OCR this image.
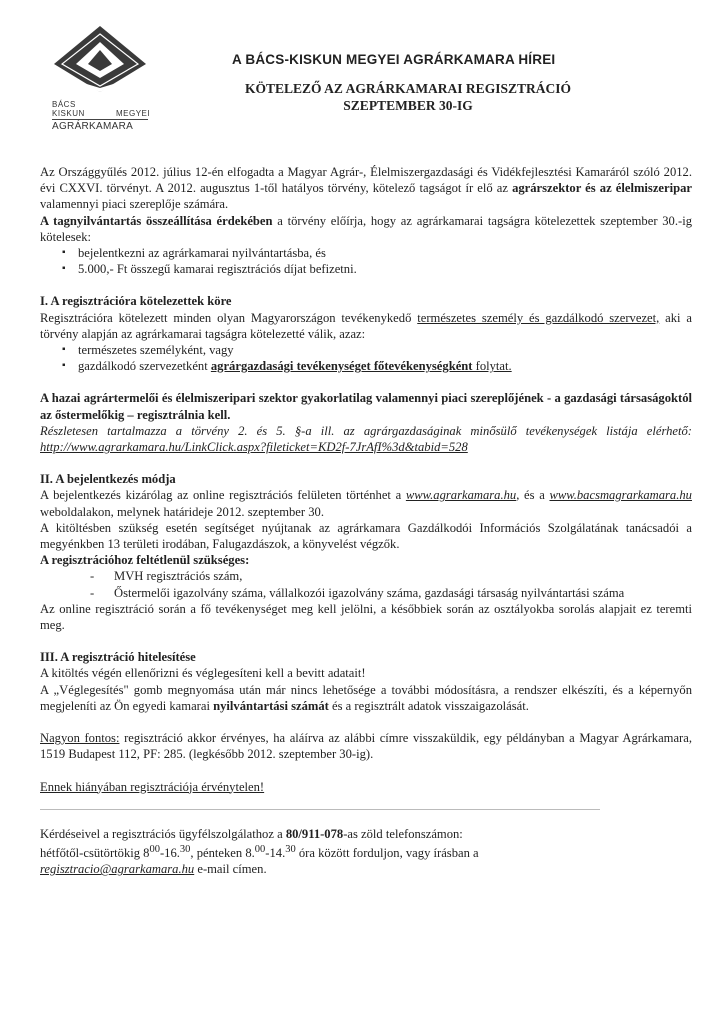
BÁCS
KISKUN	MEGYEI
AGRÁRKAMARA
A BÁCS-KISKUN MEGYEI AGRÁRKAMARA HÍREI
KÖTELEZŐ AZ AGRÁRKAMARAI REGISZTRÁCIÓ
SZEPTEMBER 30-IG

Az Országgyűlés 2012. július 12-én elfogadta a Magyar Agrár-, Élelmiszergazdasági és Vidékfejlesztési Kamaráról szóló 2012. évi CXXVI. törvényt. A 2012. augusztus 1-től hatályos törvény, kötelező tagságot ír elő az agrárszektor és az élelmiszeripar valamennyi piaci szereplője számára.

A tagnyilvántartás összeállítása érdekében a törvény előírja, hogy az agrárkamarai tagságra kötelezettek szeptember 30.-ig kötelesek:

▪ bejelentkezni az agrárkamarai nyilvántartásba, és
▪ 5.000,- Ft összegű kamarai regisztrációs díjat befizetni.

I. A regisztrációra kötelezettek köre

Regisztrációra kötelezett minden olyan Magyarországon tevékenykedő természetes személy és gazdálkodó szervezet, aki a törvény alapján az agrárkamarai tagságra kötelezetté válik, azaz:

▪ természetes személyként, vagy
▪ gazdálkodó szervezetként agrárgazdasági tevékenységet főtevékenységként folytat.

A hazai agrártermelői és élelmiszeripari szektor gyakorlatilag valamennyi piaci szereplőjének - a gazdasági társaságoktól az őstermelőkig – regisztrálnia kell.

Részletesen tartalmazza a törvény 2. és 5. §-a ill. az agrárgazdaságinak minősülő tevékenységek listája elérhető: http://www.agrarkamara.hu/LinkClick.aspx?fileticket=KD2f-7JrAfI%3d&tabid=528

II. A bejelentkezés módja

A bejelentkezés kizárólag az online regisztrációs felületen történhet a www.agrarkamara.hu, és a www.bacsmagrarkamara.hu weboldalakon, melynek határideje 2012. szeptember 30.

A kitöltésben szükség esetén segítséget nyújtanak az agrárkamara Gazdálkodói Információs Szolgálatának tanácsadói a megyénkben 13 területi irodában, Falugazdászok, a könyvelést végzők.

A regisztrációhoz feltétlenül szükséges:

- MVH regisztrációs szám,
- Őstermelői igazolvány száma, vállalkozói igazolvány száma, gazdasági társaság nyilvántartási száma

Az online regisztráció során a fő tevékenységet meg kell jelölni, a későbbiek során az osztályokba sorolás alapjait ez teremti meg.

III. A regisztráció hitelesítése

A kitöltés végén ellenőrizni és véglegesíteni kell a bevitt adatait!

A „Véglegesítés" gomb megnyomása után már nincs lehetősége a további módosításra, a rendszer elkészíti, és a képernyőn megjeleníti az Ön egyedi kamarai nyilvántartási számát és a regisztrált adatok visszaigazolását.

Nagyon fontos: regisztráció akkor érvényes, ha aláírva az alábbi címre visszaküldik, egy példányban a Magyar Agrárkamara, 1519 Budapest 112, PF: 285. (legkésőbb 2012. szeptember 30-ig).

Ennek hiányában regisztrációja érvénytelen!

Kérdéseivel a regisztrációs ügyfélszolgálathoz a 80/911-078-as zöld telefonszámon:
hétfőtől-csütörtökig $8^{00}-16.30$, pénteken 8.00-14.30 óra között forduljon, vagy írásban a
regisztracio@agrarkamara.hu e-mail címen.
